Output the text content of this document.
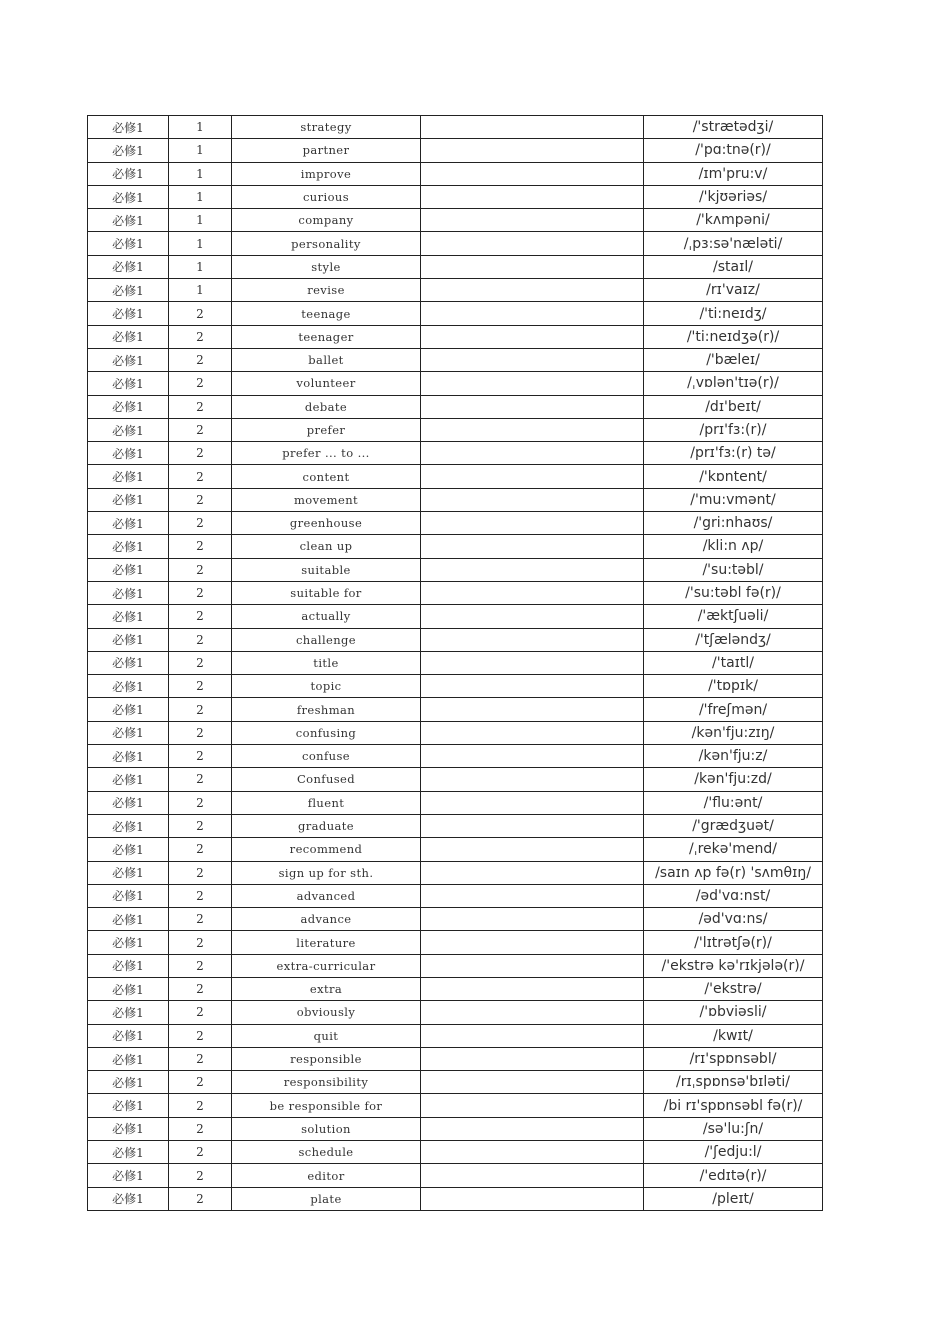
必修1	1	strategy		/'strætədʒi/
必修1	1	partner		/'pɑ:tnə(r)/
必修1	1	improve		/ɪm'pru:v/
必修1	1	curious		/'kjʊəriəs/
必修1	1	company		/'kʌmpəni/
必修1	1	personality		/ˌpɜ:sə'næləti/
必修1	1	style		/staɪl/
必修1	1	revise		/rɪ'vaɪz/
必修1	2	teenage		/'ti:neɪdʒ/
必修1	2	teenager		/'ti:neɪdʒə(r)/
必修1	2	ballet		/'bæleɪ/
必修1	2	volunteer		/ˌvɒlən'tɪə(r)/
必修1	2	debate		/dɪ'beɪt/
必修1	2	prefer		/prɪ'fɜ:(r)/
必修1	2	prefer ... to ...		/prɪ'fɜ:(r) tə/
必修1	2	content		/'kɒntent/
必修1	2	movement		/'mu:vmənt/
必修1	2	greenhouse		/'gri:nhaʊs/
必修1	2	clean up		/kli:n ʌp/
必修1	2	suitable		/'su:təbl/
必修1	2	suitable for		/'su:təbl fə(r)/
必修1	2	actually		/'æktʃuəli/
必修1	2	challenge		/'tʃæləndʒ/
必修1	2	title		/'taɪtl/
必修1	2	topic		/'tɒpɪk/
必修1	2	freshman		/'freʃmən/
必修1	2	confusing		/kən'fju:zɪŋ/
必修1	2	confuse		/kən'fju:z/
必修1	2	Confused		/kən'fju:zd/
必修1	2	fluent		/'flu:ənt/
必修1	2	graduate		/'grædʒuət/
必修1	2	recommend		/ˌrekə'mend/
必修1	2	sign up for sth.		/saɪn ʌp fə(r) 'sʌmθɪŋ/
必修1	2	advanced		/əd'vɑ:nst/
必修1	2	advance		/əd'vɑ:ns/
必修1	2	literature		/'lɪtrətʃə(r)/
必修1	2	extra-curricular		/'ekstrə kə'rɪkjələ(r)/
必修1	2	extra		/'ekstrə/
必修1	2	obviously		/'ɒbviəsli/
必修1	2	quit		/kwɪt/
必修1	2	responsible		/rɪ'spɒnsəbl/
必修1	2	responsibility		/rɪˌspɒnsə'bɪləti/
必修1	2	be responsible for		/bi rɪ'spɒnsəbl fə(r)/
必修1	2	solution		/sə'lu:ʃn/
必修1	2	schedule		/'ʃedju:l/
必修1	2	editor		/'edɪtə(r)/
必修1	2	plate		/pleɪt/
